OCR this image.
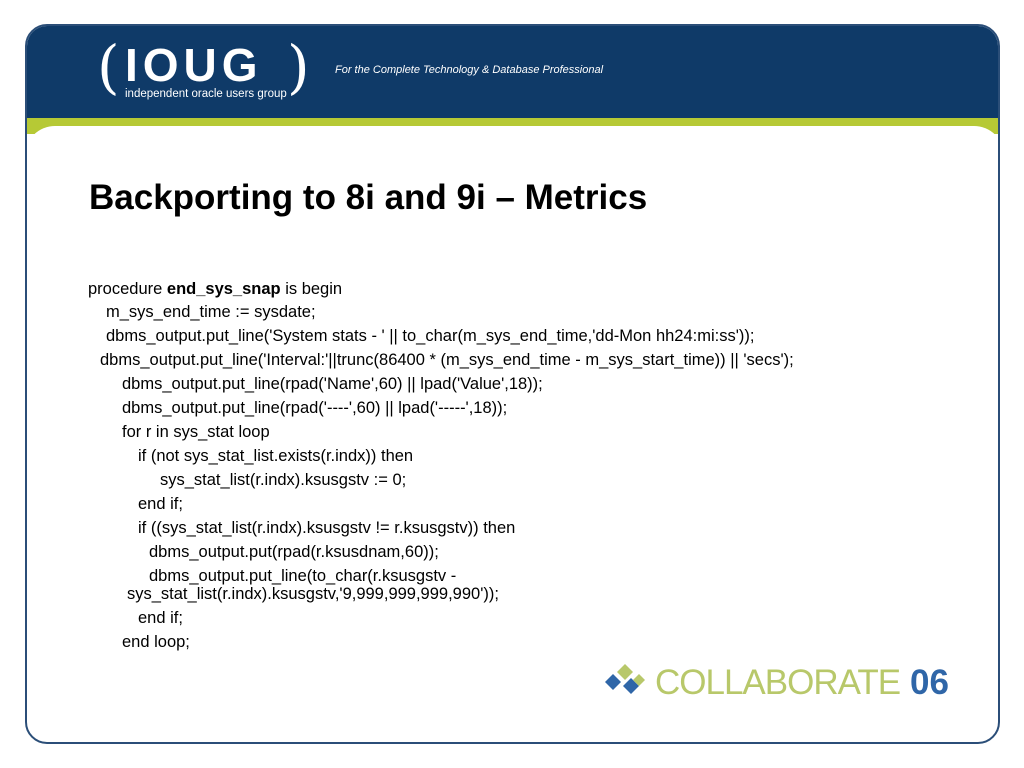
( IOUG )
independent oracle users group
For the Complete Technology & Database Professional
Backporting to 8i and 9i – Metrics
procedure end_sys_snap is begin
m_sys_end_time := sysdate;
dbms_output.put_line('System stats - ' || to_char(m_sys_end_time,'dd-Mon hh24:mi:ss'));
dbms_output.put_line('Interval:'||trunc(86400 * (m_sys_end_time - m_sys_start_time)) || 'secs');
dbms_output.put_line(rpad('Name',60) || lpad('Value',18));
dbms_output.put_line(rpad('----',60) || lpad('-----',18));
for r in sys_stat loop
if (not sys_stat_list.exists(r.indx)) then
sys_stat_list(r.indx).ksusgstv := 0;
end if;
if ((sys_stat_list(r.indx).ksusgstv != r.ksusgstv)) then
dbms_output.put(rpad(r.ksusdnam,60));
dbms_output.put_line(to_char(r.ksusgstv -
sys_stat_list(r.indx).ksusgstv,'9,999,999,999,990'));
end if;
end loop;
COLLABORATE 06
